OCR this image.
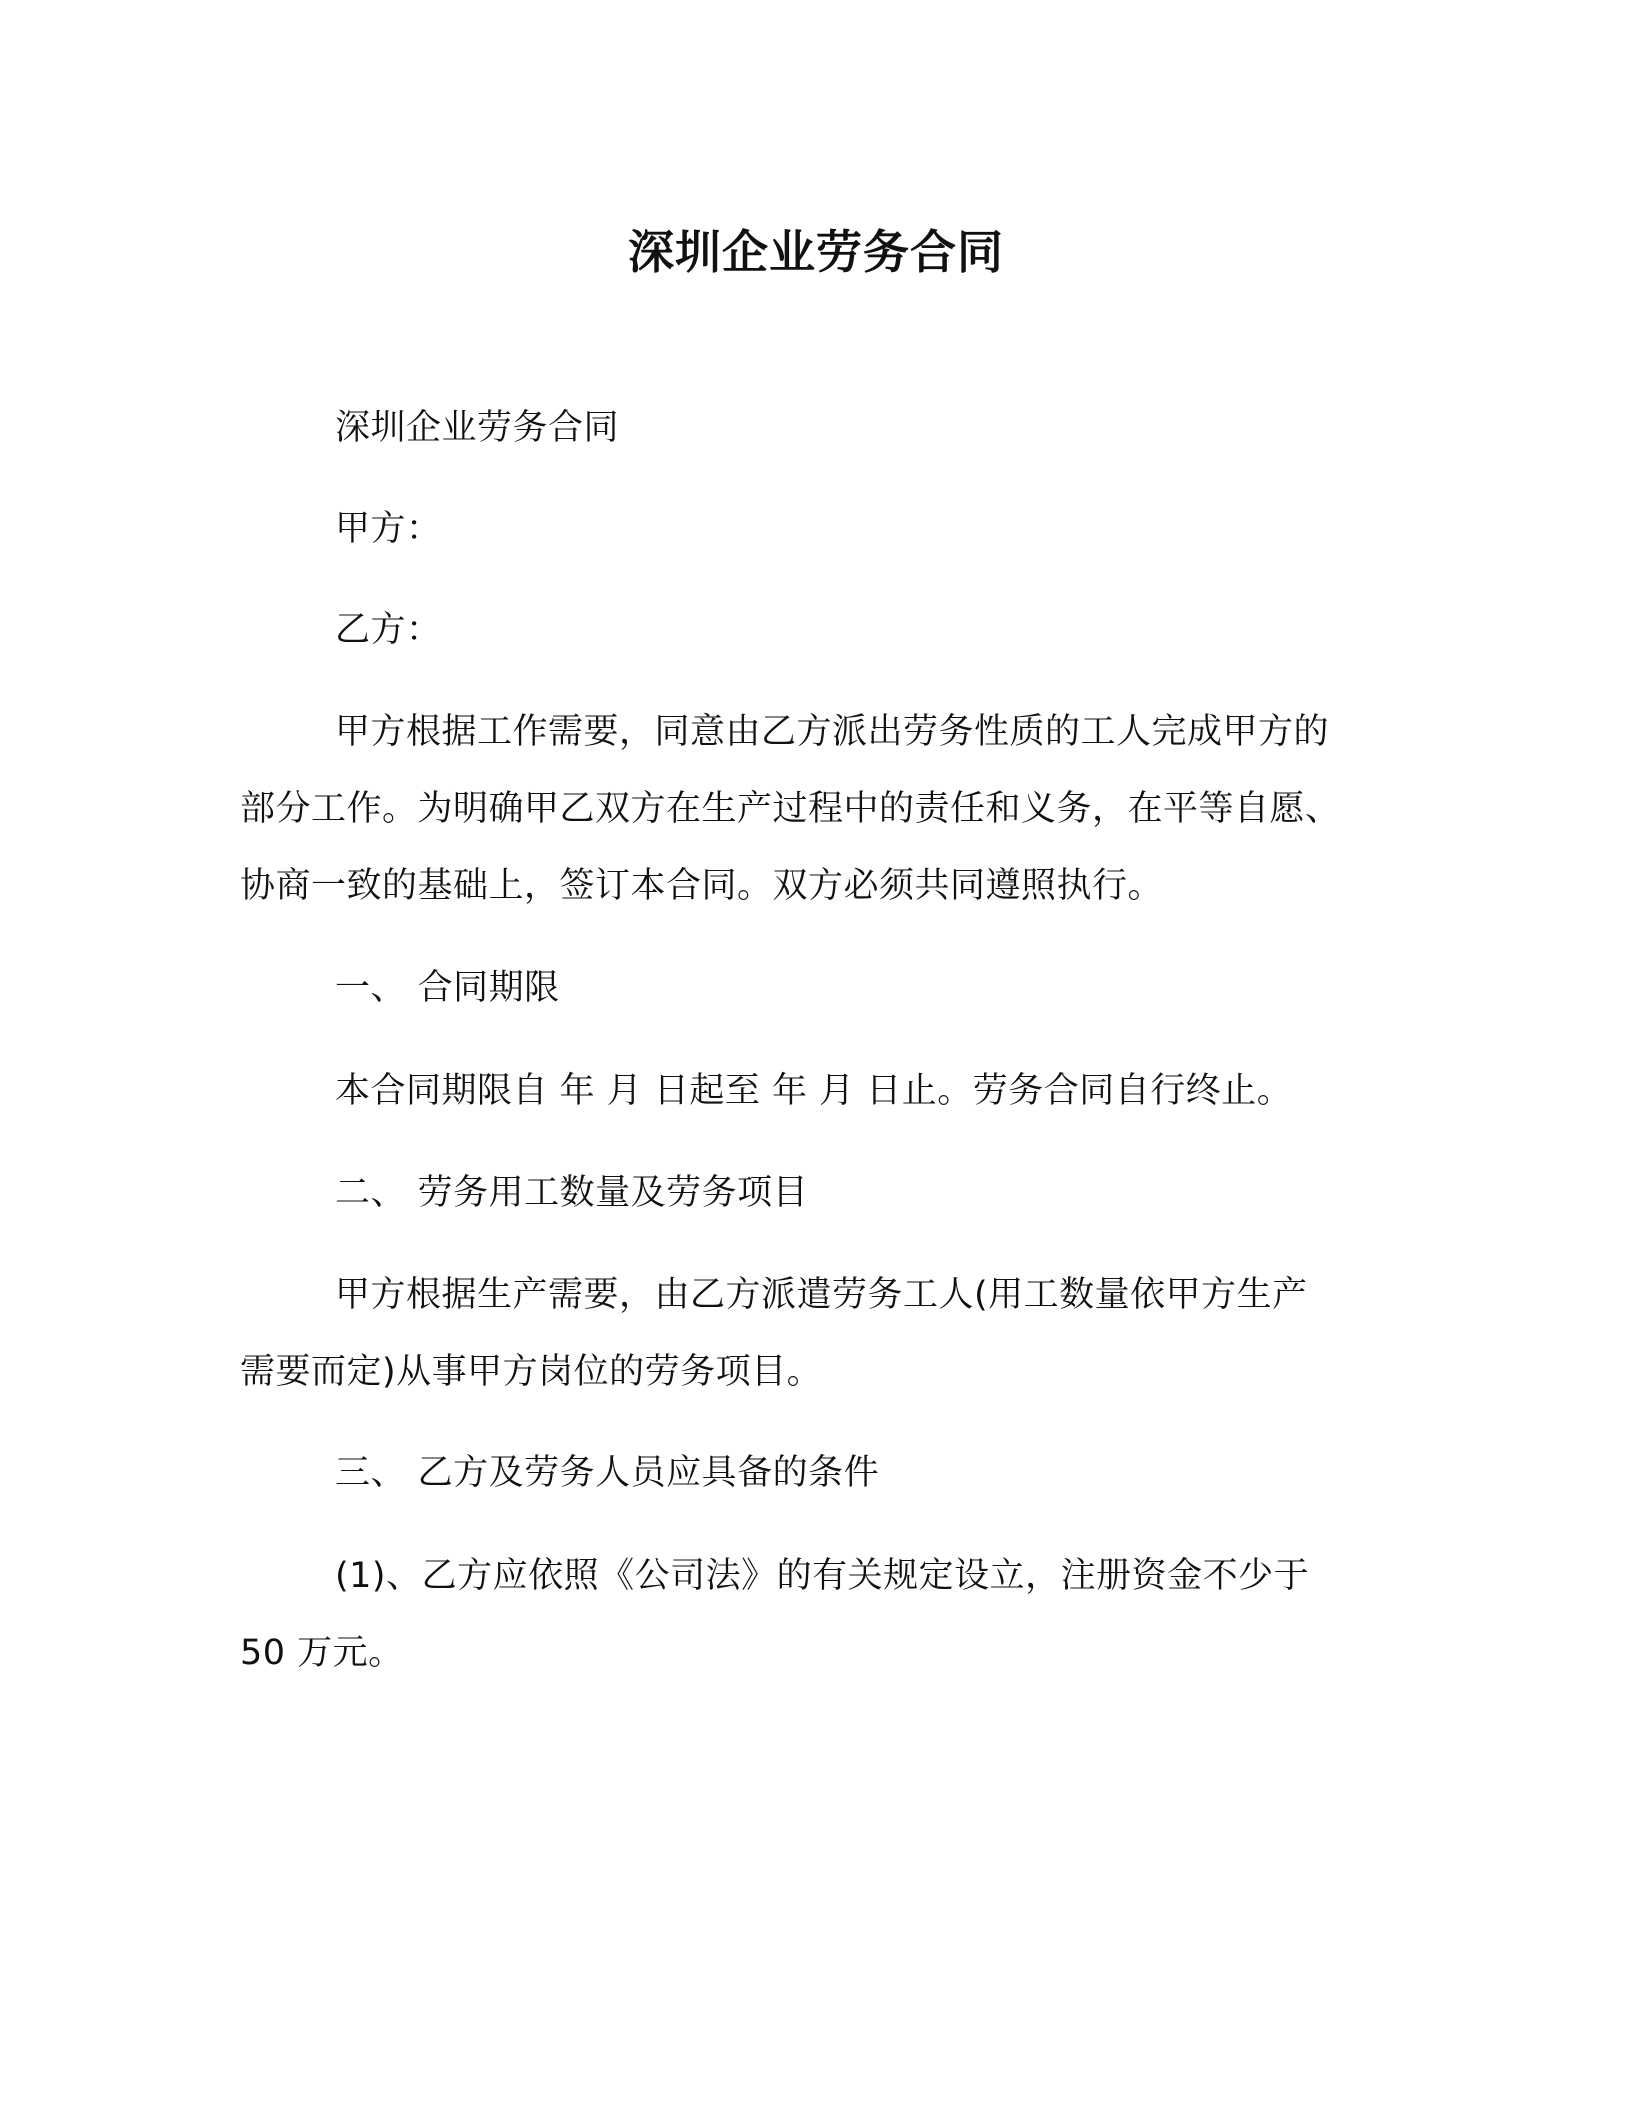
深圳企业劳务合同
深圳企业劳务合同
甲方：
乙方：
甲方根据工作需要，同意由乙方派出劳务性质的工人完成甲方的
部分工作。为明确甲乙双方在生产过程中的责任和义务，在平等自愿、
协商一致的基础上，签订本合同。双方必须共同遵照执行。
一、 合同期限
本合同期限自 年 月 日起至 年 月 日止。劳务合同自行终止。
二、 劳务用工数量及劳务项目
甲方根据生产需要，由乙方派遣劳务工人(用工数量依甲方生产
需要而定)从事甲方岗位的劳务项目。
三、 乙方及劳务人员应具备的条件
(1)、乙方应依照《公司法》的有关规定设立，注册资金不少于
50 万元。
